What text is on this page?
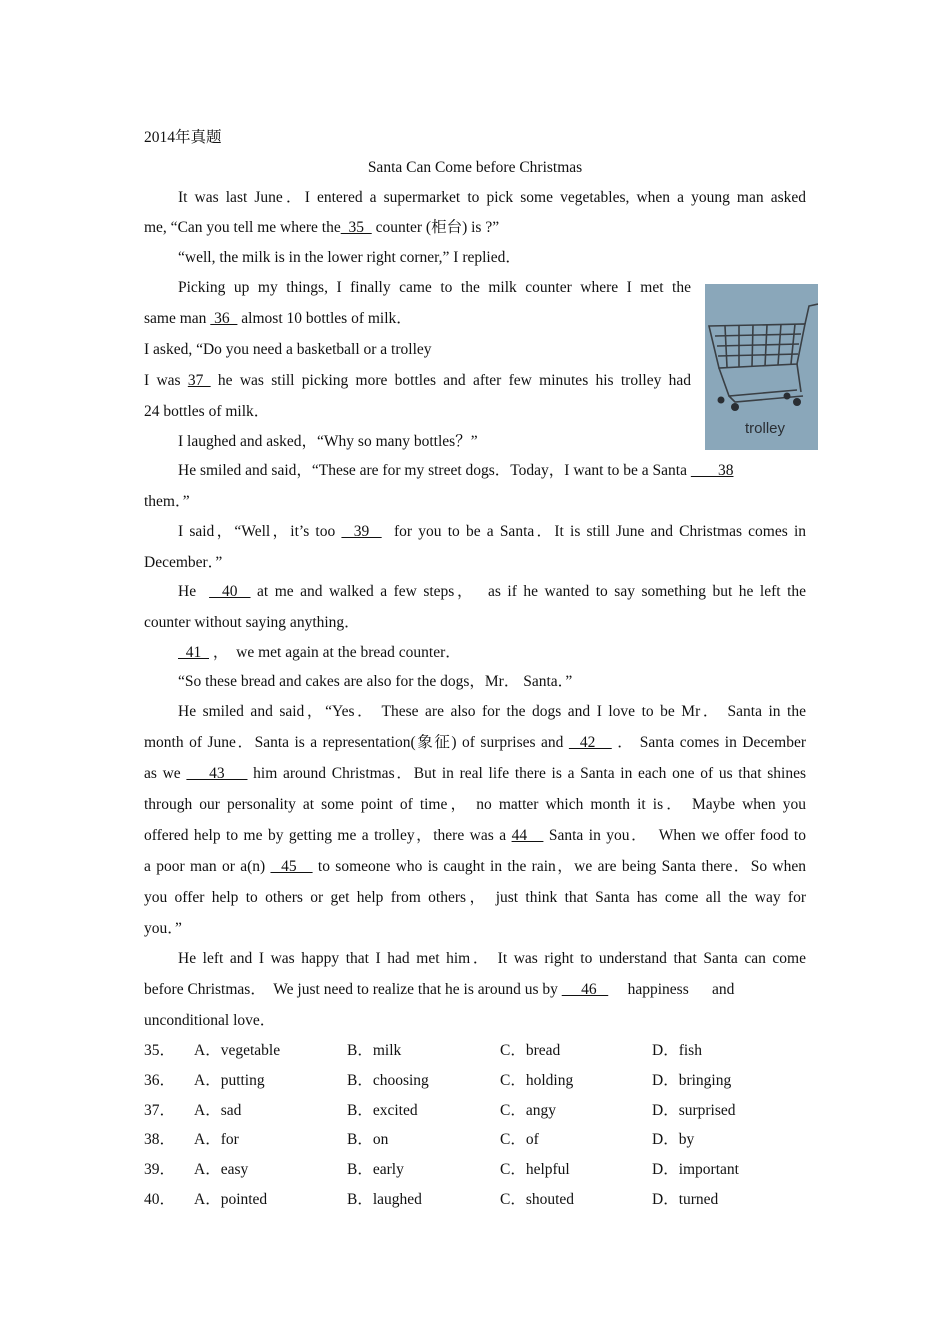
2014年真题
Santa Can Come before Christmas
It was last June．I entered a supermarket to pick some vegetables, when a young man asked
me, “Can you tell me where the  35   counter (柜台) is ?”
“well, the milk is in the lower right corner,” I replied．
Picking up my things, I finally came to the milk counter where I met the
same man  36   almost 10 bottles of milk．
I asked, “Do you need a basketball or a trolley
I was 37  he was still picking more bottles and after few minutes his trolley had
24 bottles of milk．
I laughed and asked，“Why so many bottles？”
trolley
He smiled and said，“These are for my street dogs．Today，I want to be a Santa        38
them．”
I said，“Well，it’s too   39    for you to be a Santa．It is still June and Christmas comes in
December．”
He    40   at me and walked a few steps，  as if he wanted to say something but he left the
counter without saying anything．
41   ，  we met again at the bread counter．
“So these bread and cakes are also for the dogs，Mr． Santa．”
He smiled and said，“Yes． These are also for the dogs and I love to be Mr． Santa in the
month of June．Santa is a representation(象征) of surprises and   42    ． Santa comes in December
as we     43     him around Christmas．But in real life there is a Santa in each one of us that shines
through our personality at some point of time， no matter which month it is． Maybe when you
offered help to me by getting me a trolley，there was a 44    Santa in you．  When we offer food to
a poor man or a(n)   45    to someone who is caught in the rain，we are being Santa there．So when
you offer help to others or get help from others， just think that Santa has come all the way for
you．”
He left and I was happy that I had met him． It was right to understand that Santa can come
before Christmas．  We just need to realize that he is around us by      46        happiness      and
unconditional love．
35． A．vegetable	B．milk	C．bread	D．fish
36． A．putting	B．choosing	C．holding	D．bringing
37． A．sad	B．excited	C．angy	D．surprised
38． A．for	B．on	C．of	D．by
39． A．easy	B．early	C．helpful	D．important
40． A．pointed	B．laughed	C．shouted	D．turned
